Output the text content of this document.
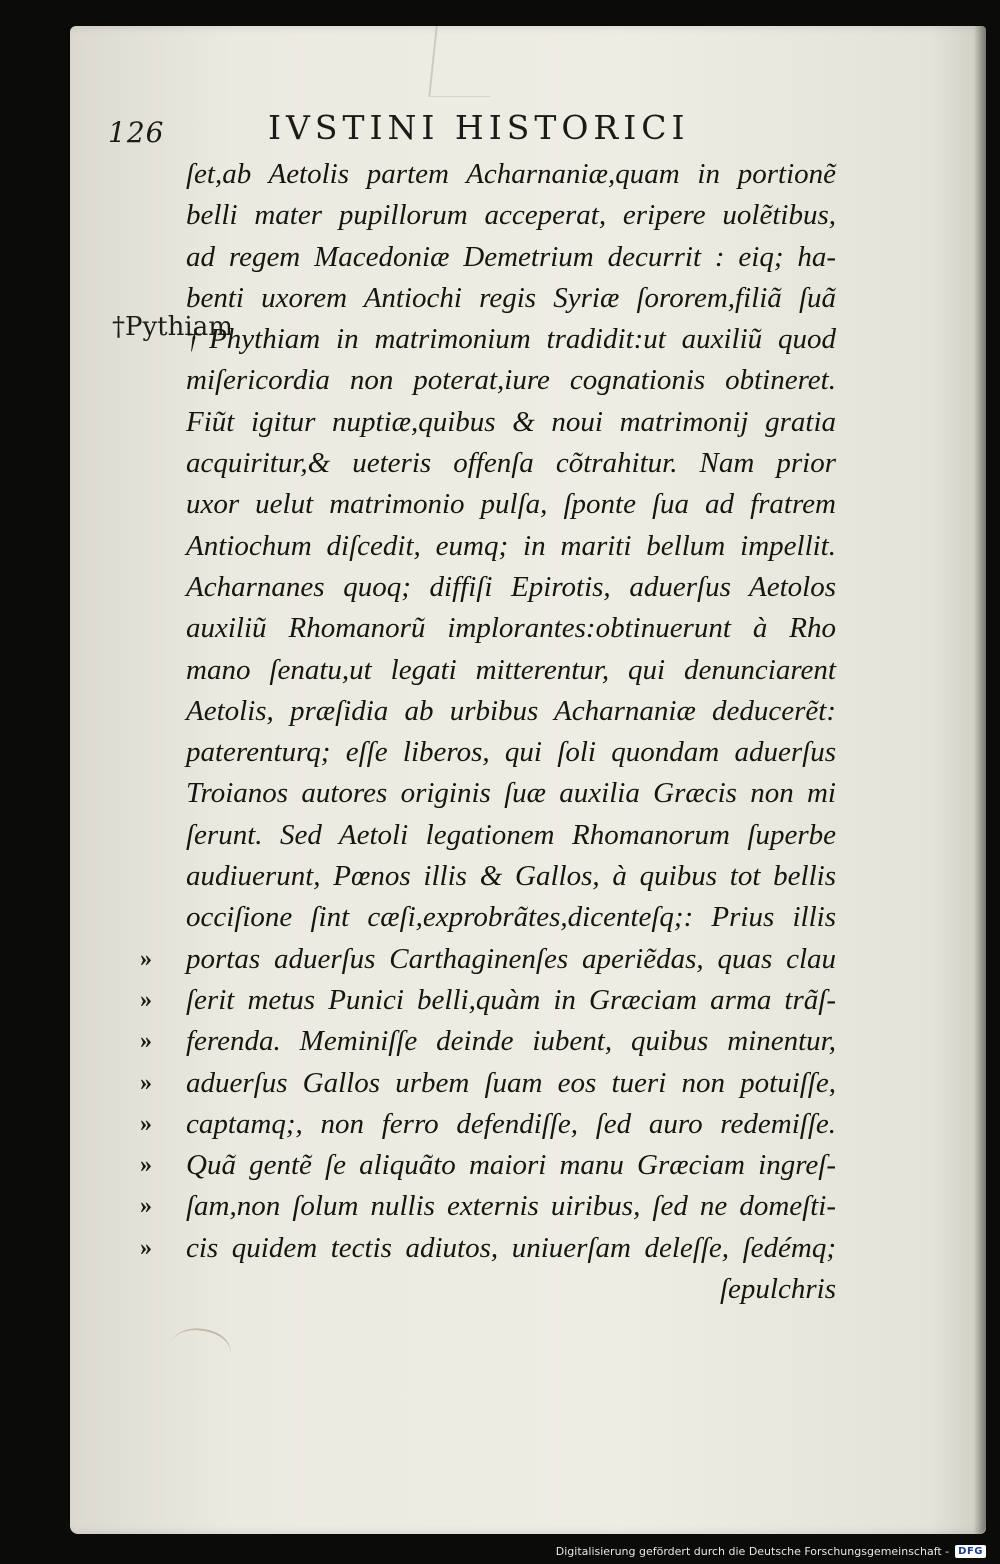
126	IVSTINI HISTORICI
†Pythiam
ſet,ab Aetolis partem Acharnaniæ,quam in portionẽ
belli mater pupillorum acceperat, eripere uolẽtibus,
ad regem Macedoniæ Demetrium decurrit : eiq; ha-
benti uxorem Antiochi regis Syriæ ſororem,filiã ſuã
†Phythiam in matrimonium tradidit:ut auxiliũ quod
miſericordia non poterat,iure cognationis obtineret.
Fiũt igitur nuptiæ,quibus & noui matrimonij gratia
acquiritur,& ueteris offenſa cõtrahitur. Nam prior
uxor uelut matrimonio pulſa, ſponte ſua ad fratrem
Antiochum diſcedit, eumq; in mariti bellum impellit.
Acharnanes quoq; diffiſi Epirotis, aduerſus Aetolos
auxiliũ Rhomanorũ implorantes:obtinuerunt à Rho
mano ſenatu,ut legati mitterentur, qui denunciarent
Aetolis, præſidia ab urbibus Acharnaniæ deducerẽt:
paterenturq; eſſe liberos, qui ſoli quondam aduerſus
Troianos autores originis ſuæ auxilia Græcis non mi
ſerunt. Sed Aetoli legationem Rhomanorum ſuperbe
audiuerunt, Pœnos illis & Gallos, à quibus tot bellis
occiſione ſint cæſi,exprobrãtes,dicenteſq;: Prius illis
»	portas aduerſus Carthaginenſes aperiẽdas, quas clau
»	ſerit metus Punici belli,quàm in Græciam arma trãſ-
»	ferenda. Meminiſſe deinde iubent, quibus minentur,
»	aduerſus Gallos urbem ſuam eos tueri non potuiſſe,
»	captamq;, non ferro defendiſſe, ſed auro redemiſſe.
»	Quã gentẽ ſe aliquãto maiori manu Græciam ingreſ-
»	ſam,non ſolum nullis externis uiribus, ſed ne domeſti-
»	cis quidem tectis adiutos, uniuerſam deleſſe, ſedémq;
ſepulchris
Digitalisierung gefördert durch die Deutsche Forschungsgemeinschaft - DFG
